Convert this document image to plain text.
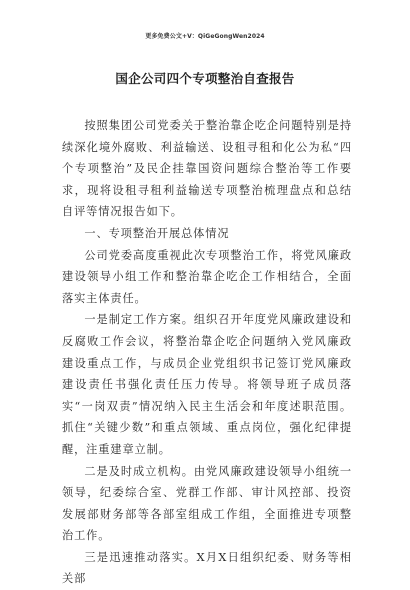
更多免费公文+V：QiGeGongWen2024
国企公司四个专项整治自查报告

按照集团公司党委关于整治靠企吃企问题特别是持续深化境外腐败、利益输送、设租寻租和化公为私“四个专项整治”及民企挂靠国资问题综合整治等工作要求，现将设租寻租利益输送专项整治梳理盘点和总结自评等情况报告如下。

一、专项整治开展总体情况

公司党委高度重视此次专项整治工作，将党风廉政建设领导小组工作和整治靠企吃企工作相结合，全面落实主体责任。

一是制定工作方案。组织召开年度党风廉政建设和反腐败工作会议，将整治靠企吃企问题纳入党风廉政建设重点工作，与成员企业党组织书记签订党风廉政建设责任书强化责任压力传导。将领导班子成员落实“一岗双责”情况纳入民主生活会和年度述职范围。抓住“关键少数”和重点领域、重点岗位，强化纪律提醒，注重建章立制。

二是及时成立机构。由党风廉政建设领导小组统一领导，纪委综合室、党群工作部、审计风控部、投资发展部财务部等各部室组成工作组，全面推进专项整治工作。

三是迅速推动落实。X月X日组织纪委、财务等相关部
